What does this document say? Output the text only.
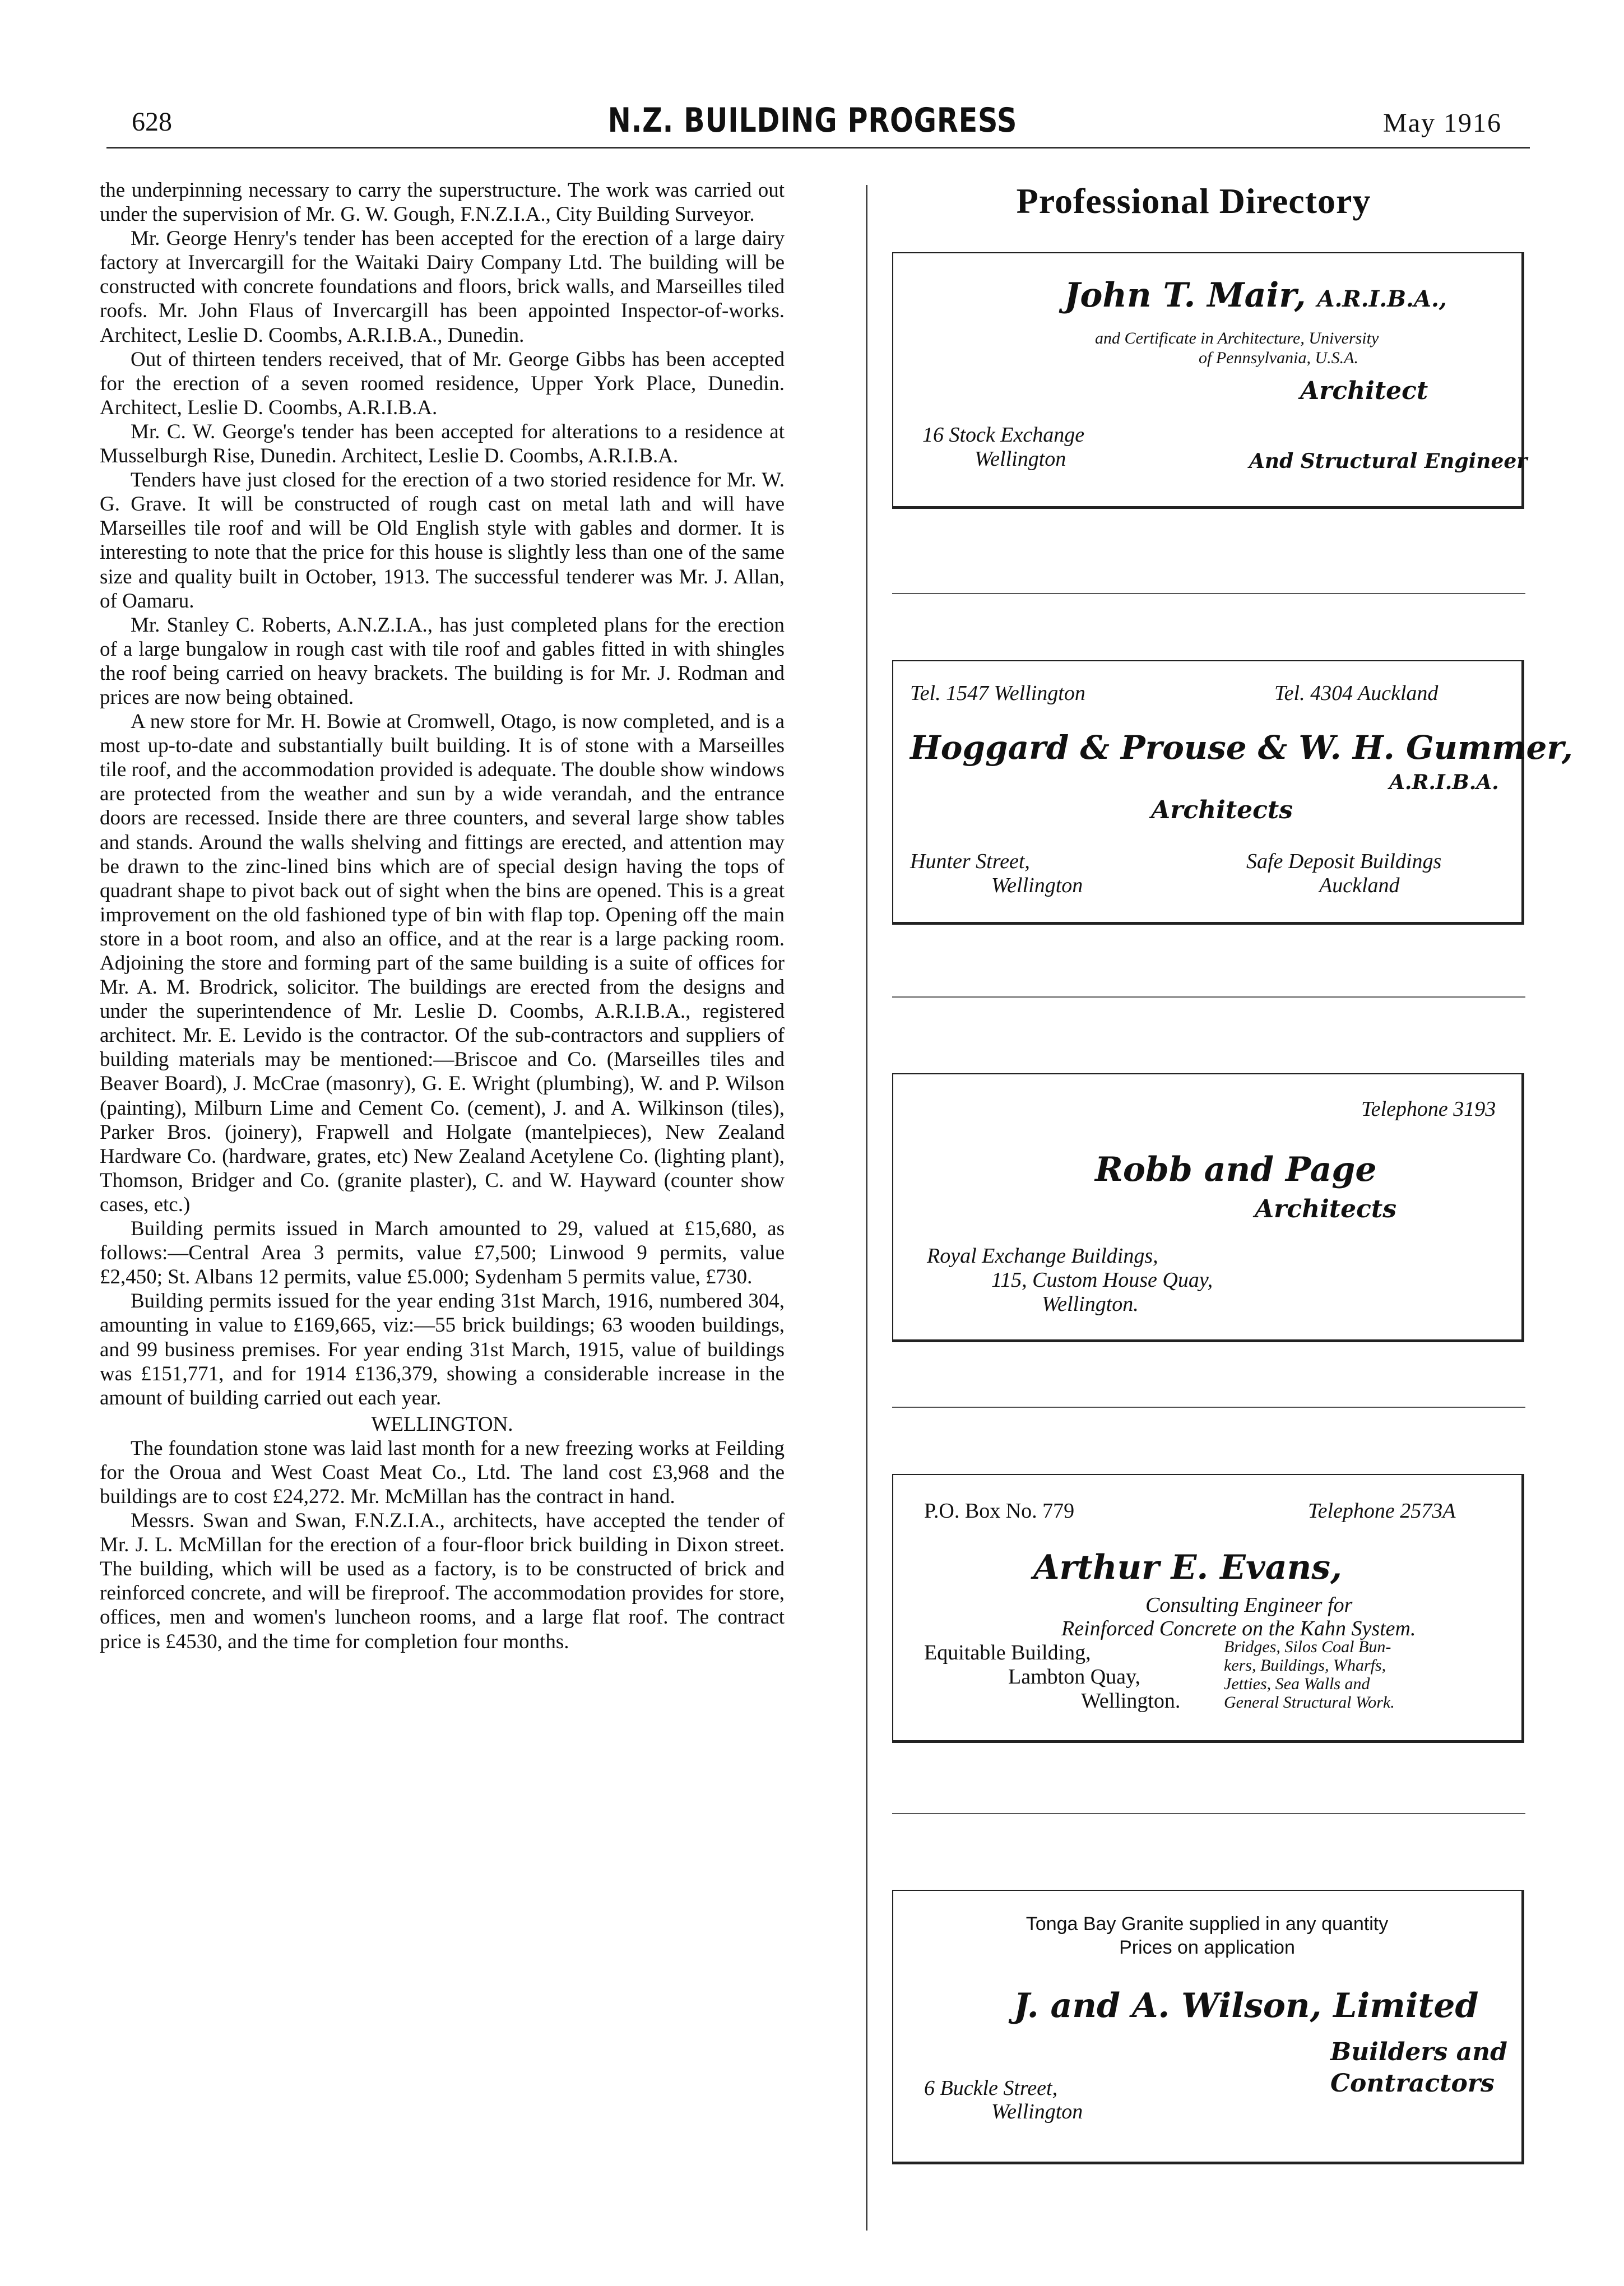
628	N.Z. BUILDING PROGRESS	May 1916

the underpinning necessary to carry the superstructure. The work was carried out under the supervision of Mr. G. W. Gough, F.N.Z.I.A., City Building Surveyor.

Mr. George Henry's tender has been accepted for the erection of a large dairy factory at Invercargill for the Waitaki Dairy Company Ltd. The building will be constructed with concrete foundations and floors, brick walls, and Marseilles tiled roofs. Mr. John Flaus of Invercargill has been appointed Inspector-of-works. Architect, Leslie D. Coombs, A.R.I.B.A., Dunedin.

Out of thirteen tenders received, that of Mr. George Gibbs has been accepted for the erection of a seven roomed residence, Upper York Place, Dunedin. Architect, Leslie D. Coombs, A.R.I.B.A.

Mr. C. W. George's tender has been accepted for alterations to a residence at Musselburgh Rise, Dunedin. Architect, Leslie D. Coombs, A.R.I.B.A.

Tenders have just closed for the erection of a two storied residence for Mr. W. G. Grave. It will be constructed of rough cast on metal lath and will have Marseilles tile roof and will be Old English style with gables and dormer. It is interesting to note that the price for this house is slightly less than one of the same size and quality built in October, 1913. The successful tenderer was Mr. J. Allan, of Oamaru.

Mr. Stanley C. Roberts, A.N.Z.I.A., has just completed plans for the erection of a large bungalow in rough cast with tile roof and gables fitted in with shingles the roof being carried on heavy brackets. The building is for Mr. J. Rodman and prices are now being obtained.

A new store for Mr. H. Bowie at Cromwell, Otago, is now completed, and is a most up-to-date and substantially built building. It is of stone with a Marseilles tile roof, and the accommodation provided is adequate. The double show windows are protected from the weather and sun by a wide verandah, and the entrance doors are recessed. Inside there are three counters, and several large show tables and stands. Around the walls shelving and fittings are erected, and attention may be drawn to the zinc-lined bins which are of special design having the tops of quadrant shape to pivot back out of sight when the bins are opened. This is a great improvement on the old fashioned type of bin with flap top. Opening off the main store in a boot room, and also an office, and at the rear is a large packing room. Adjoining the store and forming part of the same building is a suite of offices for Mr. A. M. Brodrick, solicitor. The buildings are erected from the designs and under the superintendence of Mr. Leslie D. Coombs, A.R.I.B.A., registered architect. Mr. E. Levido is the contractor. Of the sub-contractors and suppliers of building materials may be mentioned:—Briscoe and Co. (Marseilles tiles and Beaver Board), J. McCrae (masonry), G. E. Wright (plumbing), W. and P. Wilson (painting), Milburn Lime and Cement Co. (cement), J. and A. Wilkinson (tiles), Parker Bros. (joinery), Frapwell and Holgate (mantelpieces), New Zealand Hardware Co. (hardware, grates, etc) New Zealand Acetylene Co. (lighting plant), Thomson, Bridger and Co. (granite plaster), C. and W. Hayward (counter show cases, etc.)

Building permits issued in March amounted to 29, valued at £15,680, as follows:—Central Area 3 permits, value £7,500; Linwood 9 permits, value £2,450; St. Albans 12 permits, value £5.000; Sydenham 5 permits value, £730.

Building permits issued for the year ending 31st March, 1916, numbered 304, amounting in value to £169,665, viz:—55 brick buildings; 63 wooden buildings, and 99 business premises. For year ending 31st March, 1915, value of buildings was £151,771, and for 1914 £136,379, showing a considerable increase in the amount of building carried out each year.

WELLINGTON.

The foundation stone was laid last month for a new freezing works at Feilding for the Oroua and West Coast Meat Co., Ltd. The land cost £3,968 and the buildings are to cost £24,272. Mr. McMillan has the contract in hand.

Messrs. Swan and Swan, F.N.Z.I.A., architects, have accepted the tender of Mr. J. L. McMillan for the erection of a four-floor brick building in Dixon street. The building, which will be used as a factory, is to be constructed of brick and reinforced concrete, and will be fireproof. The accommodation provides for store, offices, men and women's luncheon rooms, and a large flat roof. The contract price is £4530, and the time for completion four months.

Professional Directory
John T. Mair, A.R.I.B.A.,
and Certificate in Architecture, University
of Pennsylvania, U.S.A.
Architect
16 Stock Exchange
Wellington	And Structural Engineer
Tel. 1547 Wellington	Tel. 4304 Auckland
Hoggard & Prouse & W. H. Gummer,
A.R.I.B.A.
Architects
Hunter Street,
Wellington
Safe Deposit Buildings
Auckland
Telephone 3193
Robb and Page
Architects
Royal Exchange Buildings,
115, Custom House Quay,
Wellington.
P.O. Box No. 779	Telephone 2573A
Arthur E. Evans,
Consulting Engineer for
Reinforced Concrete on the Kahn System.
Equitable Building,
Lambton Quay,
Wellington.
Bridges, Silos Coal Bun-
kers, Buildings, Wharfs,
Jetties, Sea Walls and
General Structural Work.
Tonga Bay Granite supplied in any quantity
Prices on application
J. and A. Wilson, Limited
Builders and
Contractors
6 Buckle Street,
Wellington
